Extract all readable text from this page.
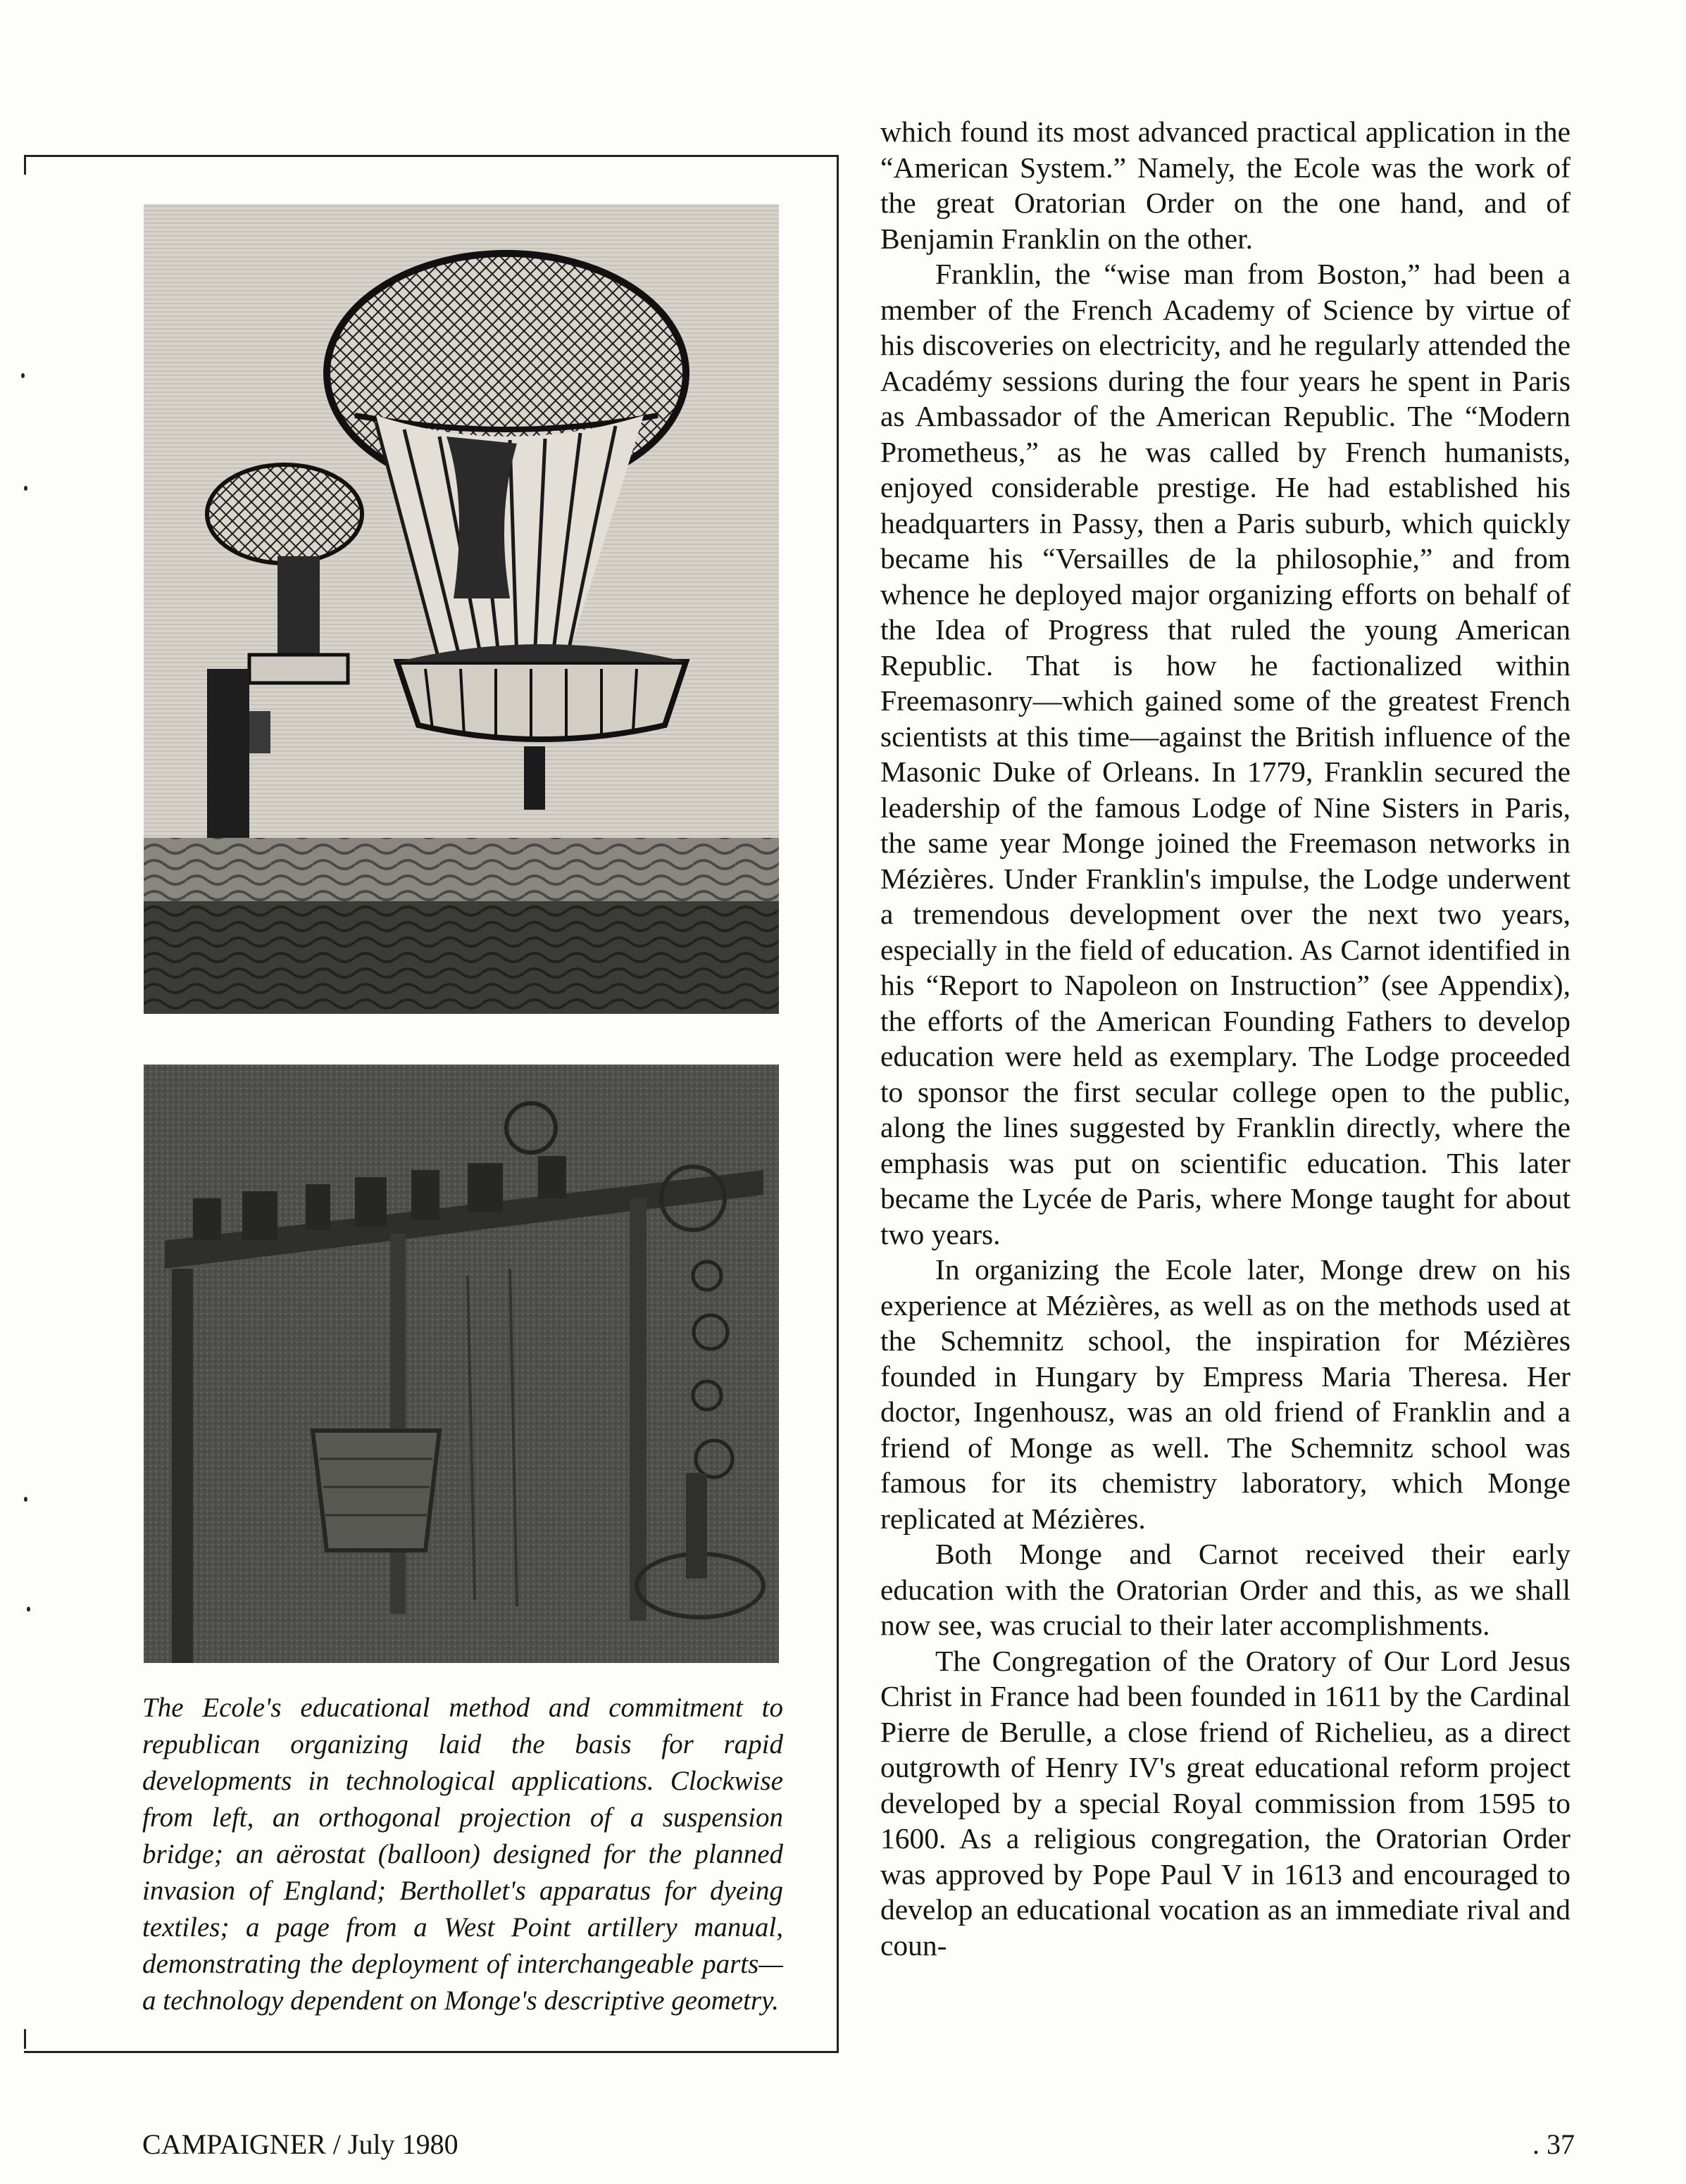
The Ecole's educational method and commitment to republican organizing laid the basis for rapid developments in technological applications. Clockwise from left, an orthogonal projection of a suspension bridge; an aërostat (balloon) designed for the planned invasion of England; Berthollet's apparatus for dyeing textiles; a page from a West Point artillery manual, demonstrating the deployment of interchangeable parts—a technology dependent on Monge's descriptive geometry.

which found its most advanced practical application in the “American System.” Namely, the Ecole was the work of the great Oratorian Order on the one hand, and of Benjamin Franklin on the other.

Franklin, the “wise man from Boston,” had been a member of the French Academy of Science by virtue of his discoveries on electricity, and he regularly attended the Académy sessions during the four years he spent in Paris as Ambassador of the American Republic. The “Modern Prometheus,” as he was called by French humanists, enjoyed considerable prestige. He had established his headquarters in Passy, then a Paris suburb, which quickly became his “Versailles de la philosophie,” and from whence he deployed major organizing efforts on behalf of the Idea of Progress that ruled the young American Republic. That is how he factionalized within Freemasonry—which gained some of the greatest French scientists at this time—against the British influence of the Masonic Duke of Orleans. In 1779, Franklin secured the leadership of the famous Lodge of Nine Sisters in Paris, the same year Monge joined the Freemason networks in Mézières. Under Franklin's impulse, the Lodge underwent a tremendous development over the next two years, especially in the field of education. As Carnot identified in his “Report to Napoleon on Instruction” (see Appendix), the efforts of the American Founding Fathers to develop education were held as exemplary. The Lodge proceeded to sponsor the first secular college open to the public, along the lines suggested by Franklin directly, where the emphasis was put on scientific education. This later became the Lycée de Paris, where Monge taught for about two years.

In organizing the Ecole later, Monge drew on his experience at Mézières, as well as on the methods used at the Schemnitz school, the inspiration for Mézières founded in Hungary by Empress Maria Theresa. Her doctor, Ingenhousz, was an old friend of Franklin and a friend of Monge as well. The Schemnitz school was famous for its chemistry laboratory, which Monge replicated at Mézières.

Both Monge and Carnot received their early education with the Oratorian Order and this, as we shall now see, was crucial to their later accomplishments.

The Congregation of the Oratory of Our Lord Jesus Christ in France had been founded in 1611 by the Cardinal Pierre de Berulle, a close friend of Richelieu, as a direct outgrowth of Henry IV's great educational reform project developed by a special Royal commission from 1595 to 1600. As a religious congregation, the Oratorian Order was approved by Pope Paul V in 1613 and encouraged to develop an educational vocation as an immediate rival and coun-

CAMPAIGNER / July 1980	. 37
